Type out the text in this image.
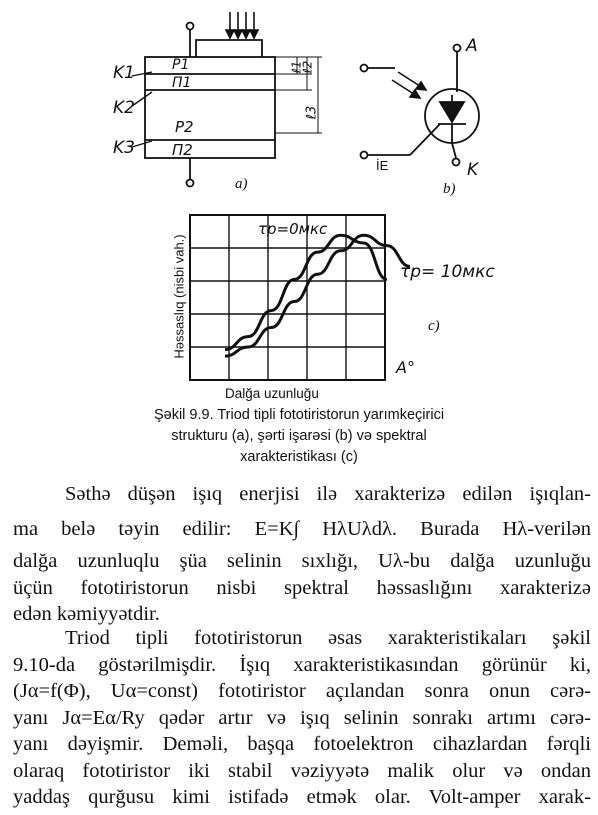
K1
K2
K3
P1
П1
P2
П2
ℓ1
ℓ2
ℓ3
a)
A
K
İE
b)
Həssaslıq (nisbi vah.)
Dalğa uzunluğu
A°
τp=0мкс
τp= 10мкс
c)
Şəkil 9.9. Triod tipli fototiristorun yarımkeçirici
strukturu (a), şərti işarəsi (b) və spektral
xarakteristikası (c)
Səthə düşən işıq enerjisi ilə xarakterizə edilən işıqlan-
ma belə təyin edilir: E=K∫ HλUλdλ. Burada Hλ-verilən
dalğa uzunluqlu şüa selinin sıxlığı, Uλ-bu dalğa uzunluğu
üçün fototiristorun nisbi spektral həssaslığını xarakterizə
edən kəmiyyətdir.
Triod tipli fototiristorun əsas xarakteristikaları şəkil
9.10-da göstərilmişdir. İşıq xarakteristikasından görünür ki,
(Jα=f(Φ), Uα=const) fototiristor açılandan sonra onun cərə-
yanı Jα=Eα/Ry qədər artır və işıq selinin sonrakı artımı cərə-
yanı dəyişmir. Deməli, başqa fotoelektron cihazlardan fərqli
olaraq fototiristor iki stabil vəziyyətə malik olur və ondan
yaddaş qurğusu kimi istifadə etmək olar. Volt-amper xarak-
